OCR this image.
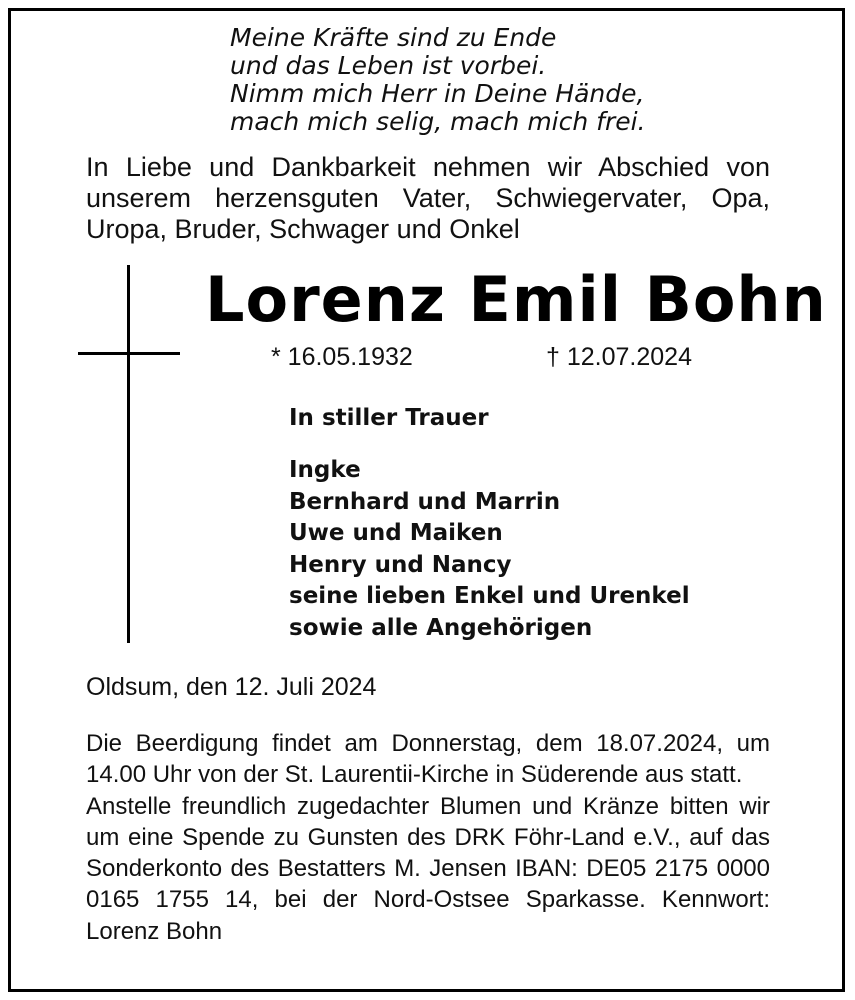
Meine Kräfte sind zu Ende
und das Leben ist vorbei.
Nimm mich Herr in Deine Hände,
mach mich selig, mach mich frei.
In Liebe und Dankbarkeit nehmen wir Abschied von unserem herzensguten Vater, Schwiegervater, Opa, Uropa, Bruder, Schwager und Onkel
Lorenz Emil Bohn
* 16.05.1932	† 12.07.2024
In stiller Trauer
Ingke
Bernhard und Marrin
Uwe und Maiken
Henry und Nancy
seine lieben Enkel und Urenkel
sowie alle Angehörigen
Oldsum, den 12. Juli 2024

Die Beerdigung findet am Donnerstag, dem 18.07.2024, um 14.00 Uhr von der St. Laurentii-Kirche in Süderende aus statt.

Anstelle freundlich zugedachter Blumen und Kränze bitten wir um eine Spende zu Gunsten des DRK Föhr-Land e.V., auf das Sonderkonto des Bestatters M. Jensen IBAN: DE05 2175 0000 0165 1755 14, bei der Nord-Ostsee Sparkasse. Kennwort: Lorenz Bohn
